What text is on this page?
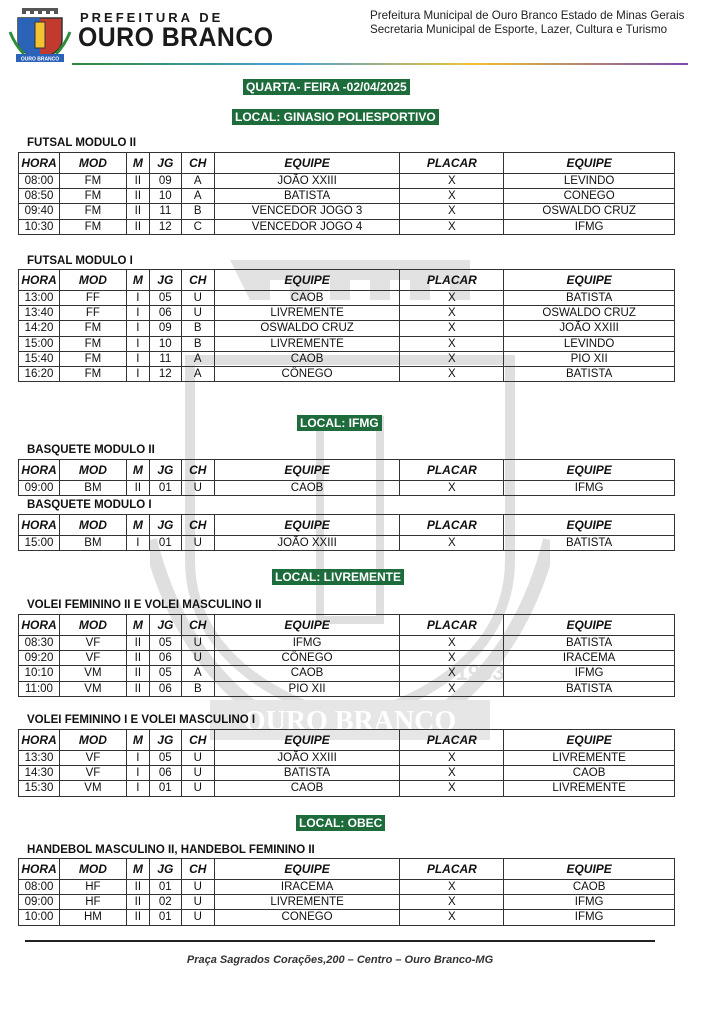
OURO BRANCO
PREFEITURA DE
OURO BRANCO
Prefeitura Municipal de Ouro Branco Estado de Minas Gerais
Secretaria Municipal de Esporte, Lazer, Cultura e Turismo
OURO BRANCO
1953
QUARTA- FEIRA -02/04/2025
LOCAL: GINASIO POLIESPORTIVO
FUTSAL MODULO II
HORA	MOD	M	JG	CH	EQUIPE	PLACAR	EQUIPE
08:00	FM	II	09	A	JOÃO XXIII	X	LEVINDO
08:50	FM	II	10	A	BATISTA	X	CONEGO
09:40	FM	II	11	B	VENCEDOR JOGO 3	X	OSWALDO CRUZ
10:30	FM	II	12	C	VENCEDOR JOGO 4	X	IFMG
FUTSAL MODULO I
HORA	MOD	M	JG	CH	EQUIPE	PLACAR	EQUIPE
13:00	FF	I	05	U	CAOB	X	BATISTA
13:40	FF	I	06	U	LIVREMENTE	X	OSWALDO CRUZ
14:20	FM	I	09	B	OSWALDO CRUZ	X	JOÃO XXIII
15:00	FM	I	10	B	LIVREMENTE	X	LEVINDO
15:40	FM	I	11	A	CAOB	X	PIO XII
16:20	FM	I	12	A	CÔNEGO	X	BATISTA
LOCAL: IFMG
BASQUETE MODULO II
HORA	MOD	M	JG	CH	EQUIPE	PLACAR	EQUIPE
09:00	BM	II	01	U	CAOB	X	IFMG
BASQUETE MODULO I
HORA	MOD	M	JG	CH	EQUIPE	PLACAR	EQUIPE
15:00	BM	I	01	U	JOÃO XXIII	X	BATISTA
LOCAL: LIVREMENTE
VOLEI FEMININO II E VOLEI MASCULINO II
HORA	MOD	M	JG	CH	EQUIPE	PLACAR	EQUIPE
08:30	VF	II	05	U	IFMG	X	BATISTA
09:20	VF	II	06	U	CÔNEGO	X	IRACEMA
10:10	VM	II	05	A	CAOB	X	IFMG
11:00	VM	II	06	B	PIO XII	X	BATISTA
VOLEI FEMININO I E VOLEI MASCULINO I
HORA	MOD	M	JG	CH	EQUIPE	PLACAR	EQUIPE
13:30	VF	I	05	U	JOÃO XXIII	X	LIVREMENTE
14:30	VF	I	06	U	BATISTA	X	CAOB
15:30	VM	I	01	U	CAOB	X	LIVREMENTE
LOCAL: OBEC
HANDEBOL MASCULINO II, HANDEBOL FEMININO II
HORA	MOD	M	JG	CH	EQUIPE	PLACAR	EQUIPE
08:00	HF	II	01	U	IRACEMA	X	CAOB
09:00	HF	II	02	U	LIVREMENTE	X	IFMG
10:00	HM	II	01	U	CONEGO	X	IFMG
Praça Sagrados Corações,200 – Centro – Ouro Branco-MG
